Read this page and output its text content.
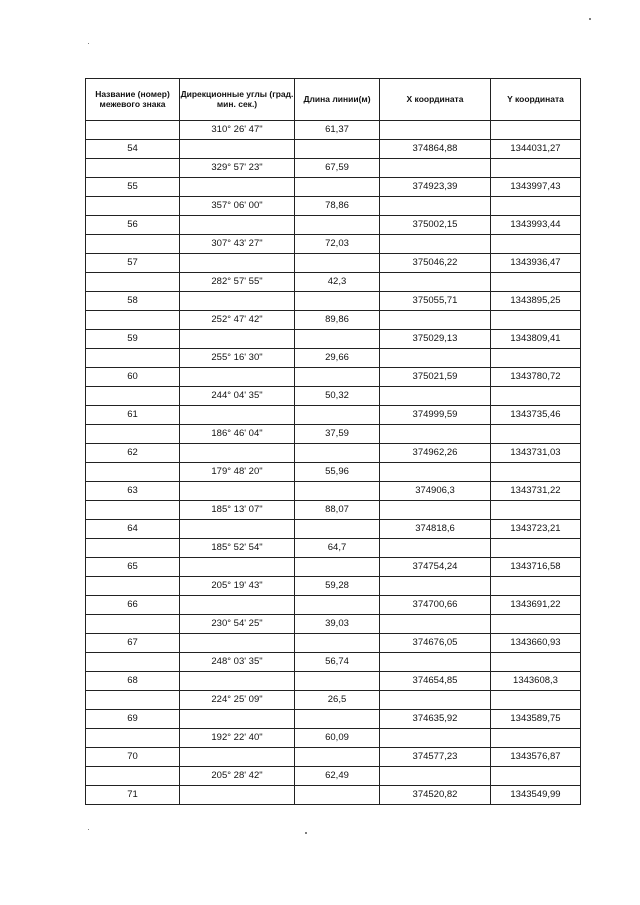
Название (номер) межевого знака	Дирекционные углы (град. мин. сек.)	Длина линии(м)	X координата	Y координата
	310° 26' 47"	61,37		
54			374864,88	1344031,27
	329° 57' 23"	67,59		
55			374923,39	1343997,43
	357° 06' 00"	78,86		
56			375002,15	1343993,44
	307° 43' 27"	72,03		
57			375046,22	1343936,47
	282° 57' 55"	42,3		
58			375055,71	1343895,25
	252° 47' 42"	89,86		
59			375029,13	1343809,41
	255° 16' 30"	29,66		
60			375021,59	1343780,72
	244° 04' 35"	50,32		
61			374999,59	1343735,46
	186° 46' 04"	37,59		
62			374962,26	1343731,03
	179° 48' 20"	55,96		
63			374906,3	1343731,22
	185° 13' 07"	88,07		
64			374818,6	1343723,21
	185° 52' 54"	64,7		
65			374754,24	1343716,58
	205° 19' 43"	59,28		
66			374700,66	1343691,22
	230° 54' 25"	39,03		
67			374676,05	1343660,93
	248° 03' 35"	56,74		
68			374654,85	1343608,3
	224° 25' 09"	26,5		
69			374635,92	1343589,75
	192° 22' 40"	60,09		
70			374577,23	1343576,87
	205° 28' 42"	62,49		
71			374520,82	1343549,99
